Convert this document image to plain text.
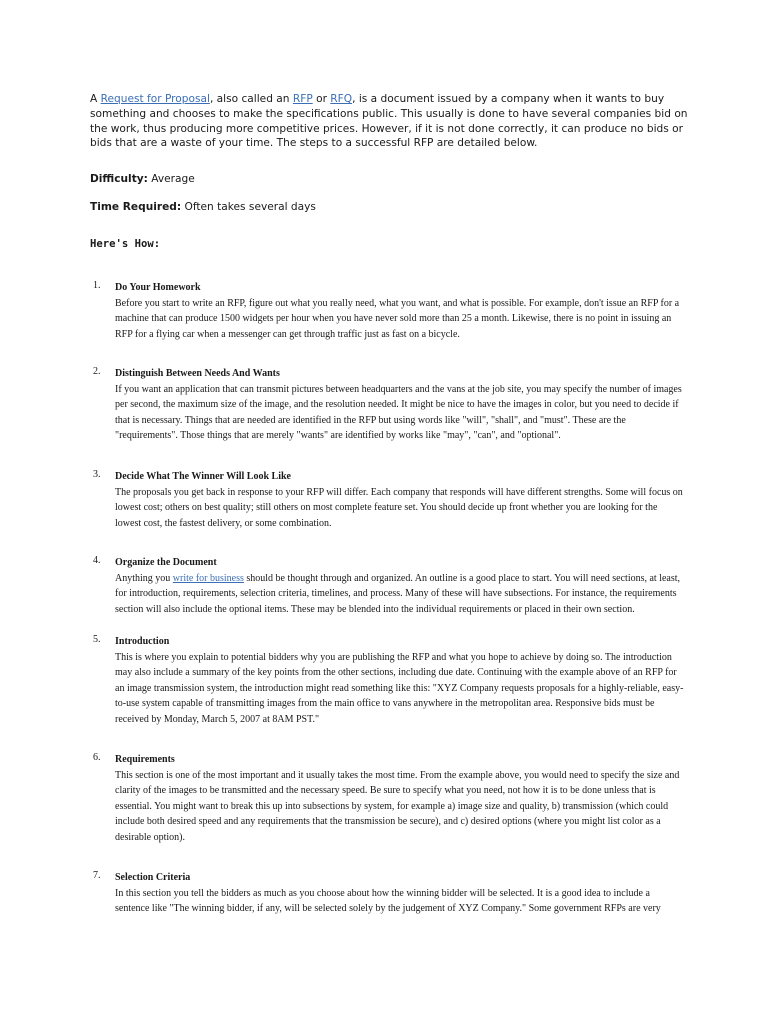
A Request for Proposal, also called an RFP or RFQ, is a document issued by a company when it wants to buy something and chooses to make the specifications public. This usually is done to have several companies bid on the work, thus producing more competitive prices. However, if it is not done correctly, it can produce no bids or bids that are a waste of your time. The steps to a successful RFP are detailed below.

Difficulty: Average
Time Required: Often takes several days
Here's How:
1. Do Your Homework

Before you start to write an RFP, figure out what you really need, what you want, and what is possible. For example, don't issue an RFP for a machine that can produce 1500 widgets per hour when you have never sold more than 25 a month. Likewise, there is no point in issuing an RFP for a flying car when a messenger can get through traffic just as fast on a bicycle.

2. Distinguish Between Needs And Wants

If you want an application that can transmit pictures between headquarters and the vans at the job site, you may specify the number of images per second, the maximum size of the image, and the resolution needed. It might be nice to have the images in color, but you need to decide if that is necessary. Things that are needed are identified in the RFP but using words like "will", "shall", and "must". These are the "requirements". Those things that are merely "wants" are identified by works like "may", "can", and "optional".

3. Decide What The Winner Will Look Like

The proposals you get back in response to your RFP will differ. Each company that responds will have different strengths. Some will focus on lowest cost; others on best quality; still others on most complete feature set. You should decide up front whether you are looking for the lowest cost, the fastest delivery, or some combination.

4. Organize the Document

Anything you write for business should be thought through and organized. An outline is a good place to start. You will need sections, at least, for introduction, requirements, selection criteria, timelines, and process. Many of these will have subsections. For instance, the requirements section will also include the optional items. These may be blended into the individual requirements or placed in their own section.

5. Introduction

This is where you explain to potential bidders why you are publishing the RFP and what you hope to achieve by doing so. The introduction may also include a summary of the key points from the other sections, including due date. Continuing with the example above of an RFP for an image transmission system, the introduction might read something like this: "XYZ Company requests proposals for a highly-reliable, easy-to-use system capable of transmitting images from the main office to vans anywhere in the metropolitan area. Responsive bids must be received by Monday, March 5, 2007 at 8AM PST."

6. Requirements

This section is one of the most important and it usually takes the most time. From the example above, you would need to specify the size and clarity of the images to be transmitted and the necessary speed. Be sure to specify what you need, not how it is to be done unless that is essential. You might want to break this up into subsections by system, for example a) image size and quality, b) transmission (which could include both desired speed and any requirements that the transmission be secure), and c) desired options (where you might list color as a desirable option).

7. Selection Criteria

In this section you tell the bidders as much as you choose about how the winning bidder will be selected. It is a good idea to include a sentence like "The winning bidder, if any, will be selected solely by the judgement of XYZ Company." Some government RFPs are very
